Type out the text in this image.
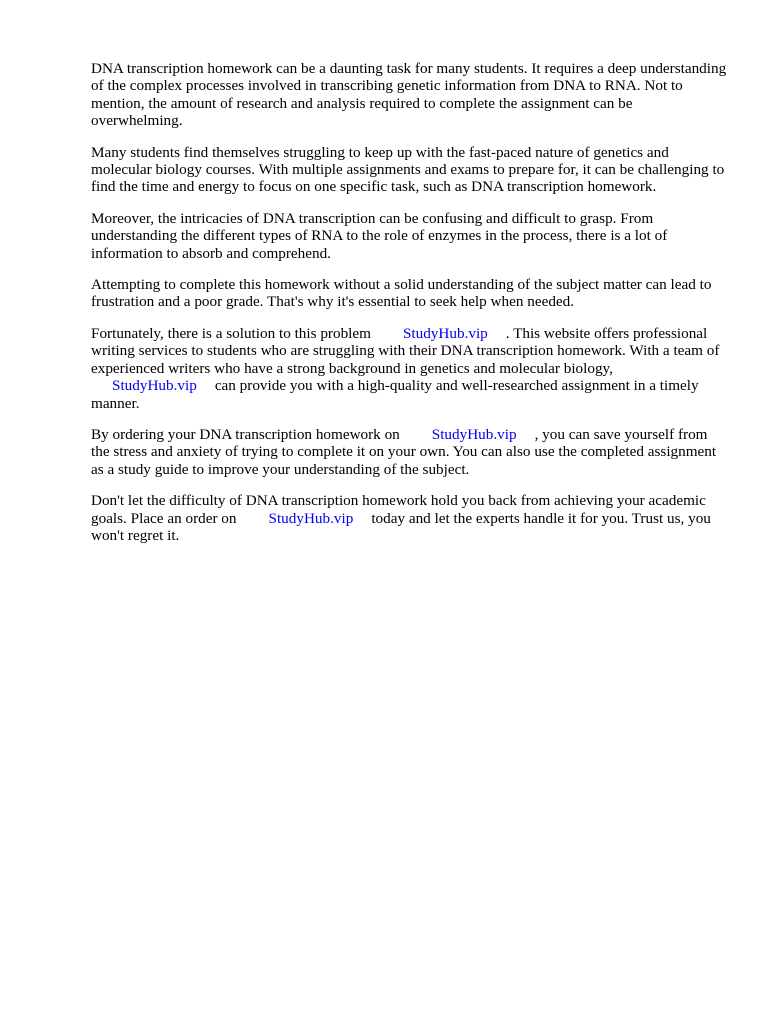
DNA transcription homework can be a daunting task for many students. It requires a deep understanding of the complex processes involved in transcribing genetic information from DNA to RNA. Not to mention, the amount of research and analysis required to complete the assignment can be overwhelming.

Many students find themselves struggling to keep up with the fast-paced nature of genetics and molecular biology courses. With multiple assignments and exams to prepare for, it can be challenging to find the time and energy to focus on one specific task, such as DNA transcription homework.

Moreover, the intricacies of DNA transcription can be confusing and difficult to grasp. From understanding the different types of RNA to the role of enzymes in the process, there is a lot of information to absorb and comprehend.

Attempting to complete this homework without a solid understanding of the subject matter can lead to frustration and a poor grade. That's why it's essential to seek help when needed.

Fortunately, there is a solution to this problem StudyHub.vip . This website offers professional writing services to students who are struggling with their DNA transcription homework. With a team of experienced writers who have a strong background in genetics and molecular biology, StudyHub.vip can provide you with a high-quality and well-researched assignment in a timely manner.

By ordering your DNA transcription homework on StudyHub.vip , you can save yourself from the stress and anxiety of trying to complete it on your own. You can also use the completed assignment as a study guide to improve your understanding of the subject.

Don't let the difficulty of DNA transcription homework hold you back from achieving your academic goals. Place an order on StudyHub.vip today and let the experts handle it for you. Trust us, you won't regret it.
